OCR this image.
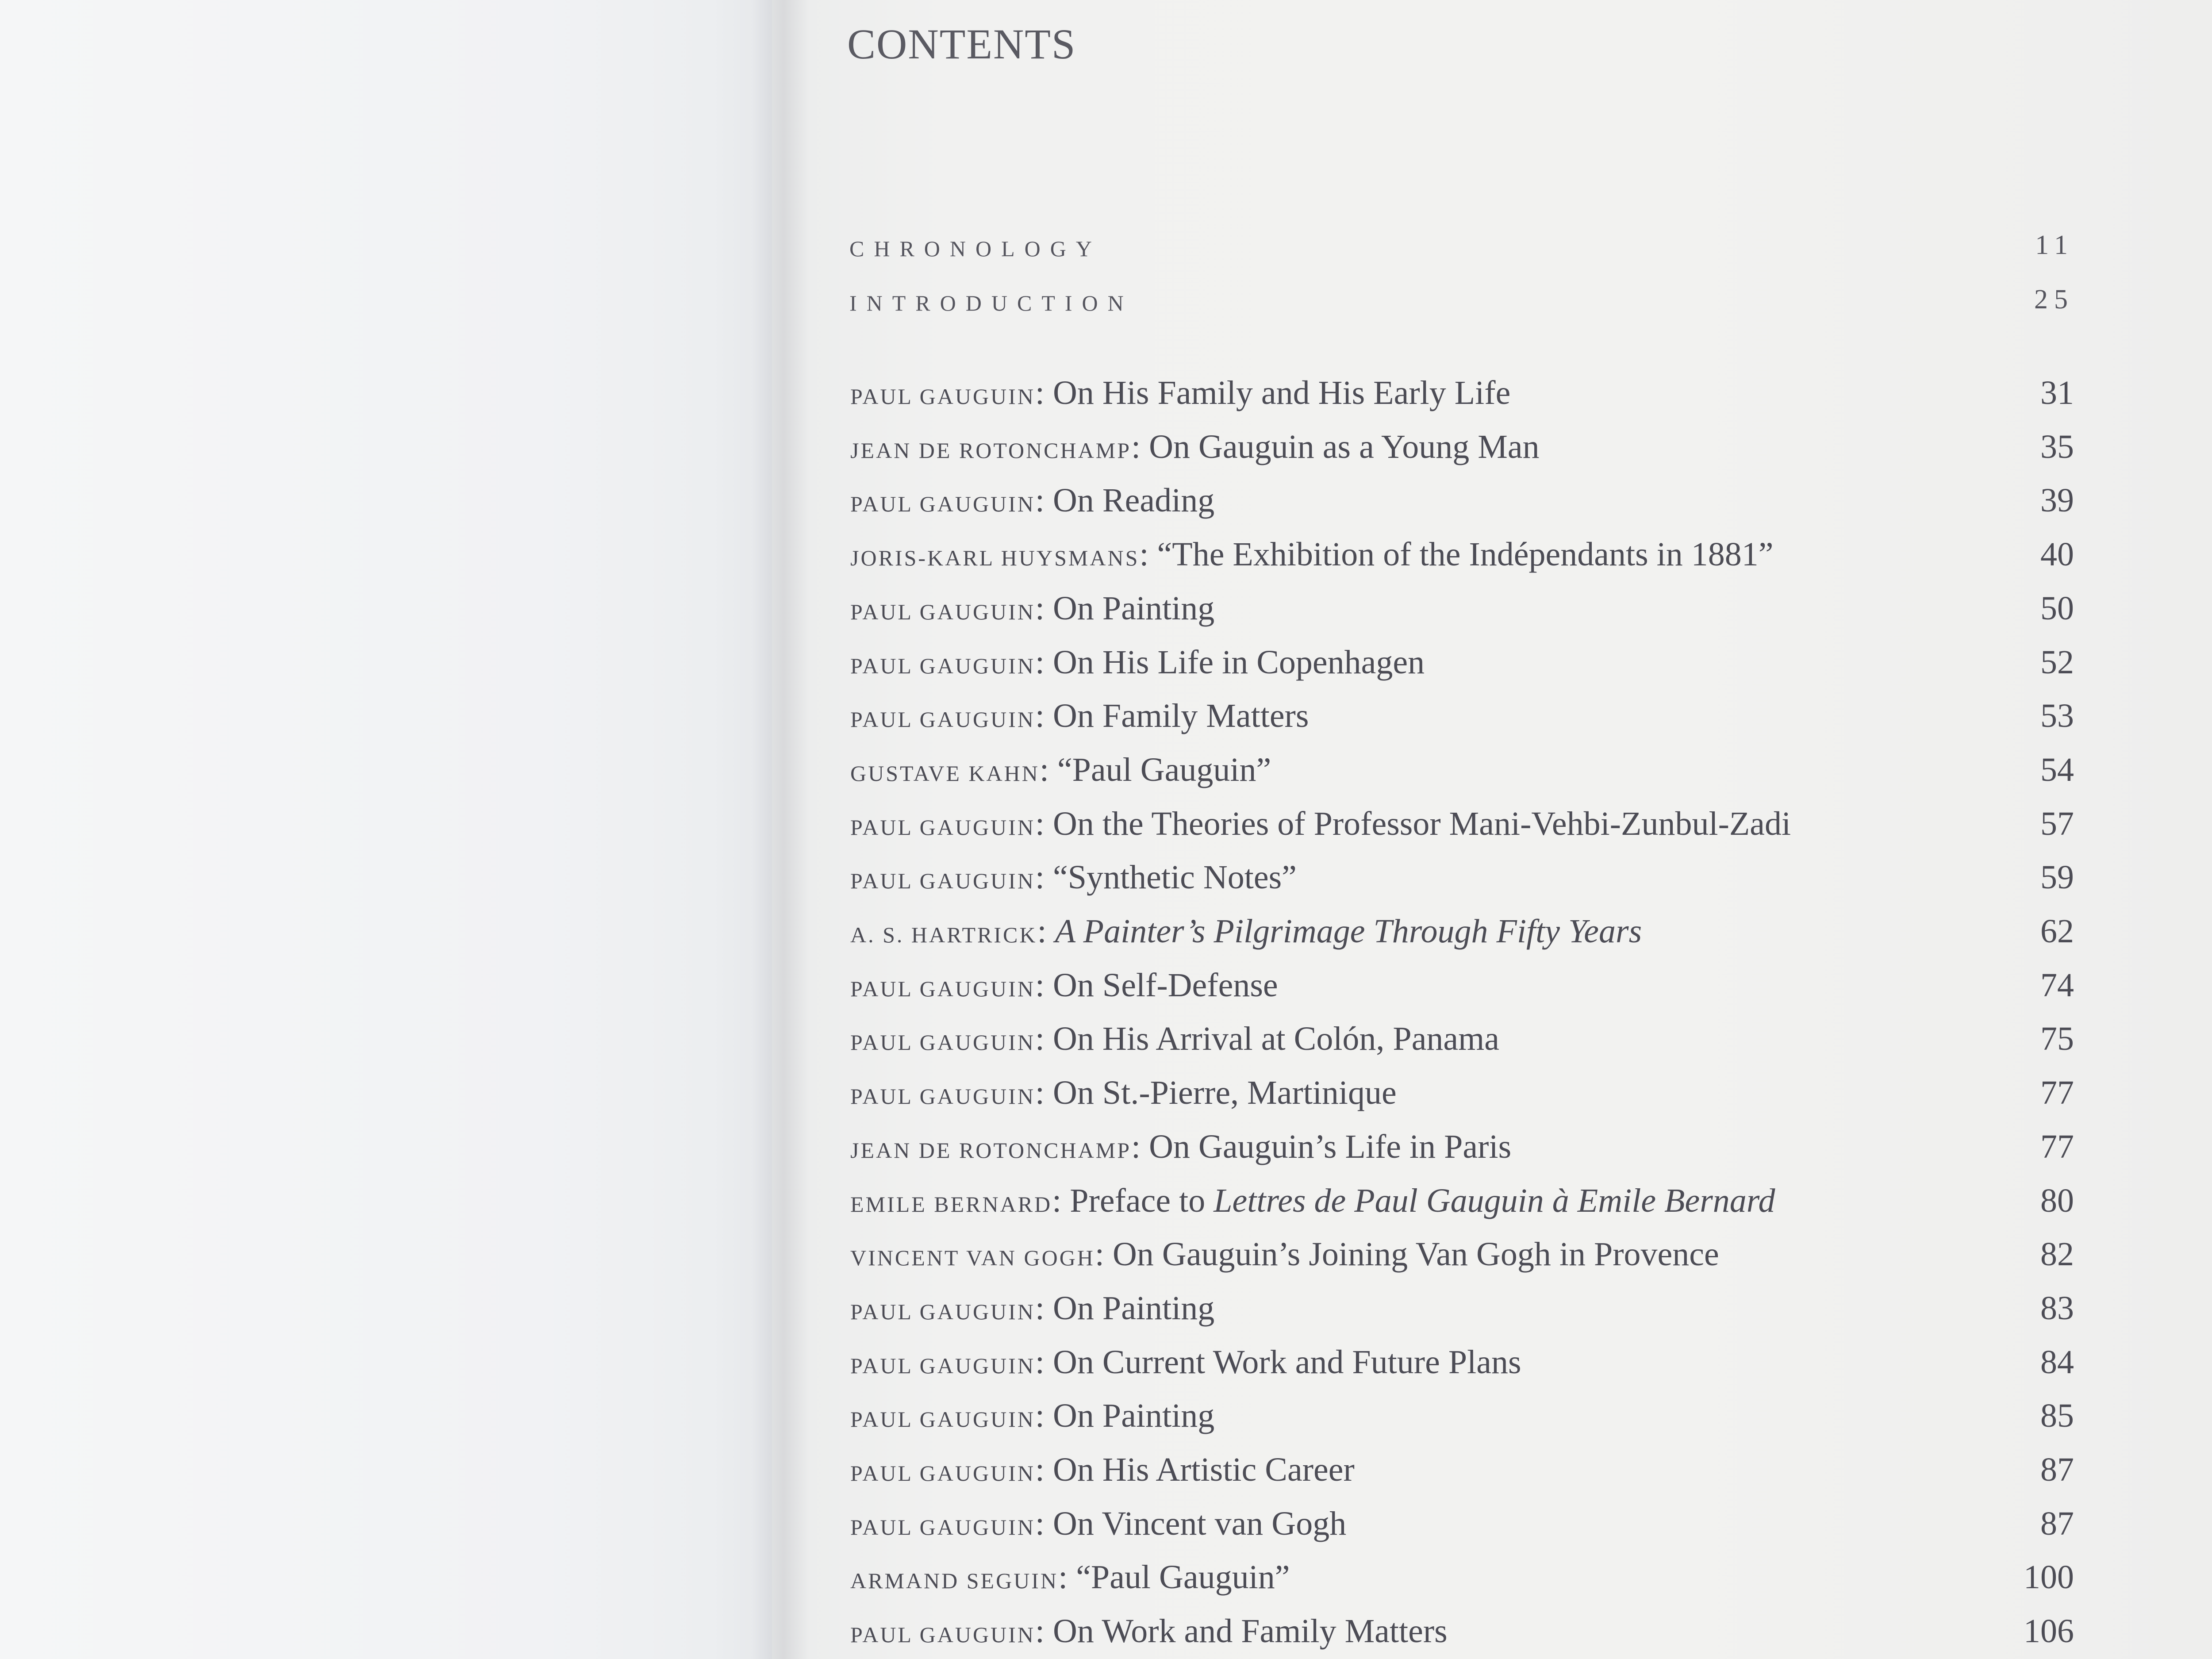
CONTENTS
CHRONOLOGY	11
INTRODUCTION	25
PAUL GAUGUIN: On His Family and His Early Life	31
JEAN DE ROTONCHAMP: On Gauguin as a Young Man	35
PAUL GAUGUIN: On Reading	39
JORIS-KARL HUYSMANS: “The Exhibition of the Indépendants in 1881”	40
PAUL GAUGUIN: On Painting	50
PAUL GAUGUIN: On His Life in Copenhagen	52
PAUL GAUGUIN: On Family Matters	53
GUSTAVE KAHN: “Paul Gauguin”	54
PAUL GAUGUIN: On the Theories of Professor Mani-Vehbi-Zunbul-Zadi	57
PAUL GAUGUIN: “Synthetic Notes”	59
A. S. HARTRICK: A Painter’s Pilgrimage Through Fifty Years	62
PAUL GAUGUIN: On Self-Defense	74
PAUL GAUGUIN: On His Arrival at Colón, Panama	75
PAUL GAUGUIN: On St.-Pierre, Martinique	77
JEAN DE ROTONCHAMP: On Gauguin’s Life in Paris	77
EMILE BERNARD: Preface to Lettres de Paul Gauguin à Emile Bernard	80
VINCENT VAN GOGH: On Gauguin’s Joining Van Gogh in Provence	82
PAUL GAUGUIN: On Painting	83
PAUL GAUGUIN: On Current Work and Future Plans	84
PAUL GAUGUIN: On Painting	85
PAUL GAUGUIN: On His Artistic Career	87
PAUL GAUGUIN: On Vincent van Gogh	87
ARMAND SEGUIN: “Paul Gauguin”	100
PAUL GAUGUIN: On Work and Family Matters	106
